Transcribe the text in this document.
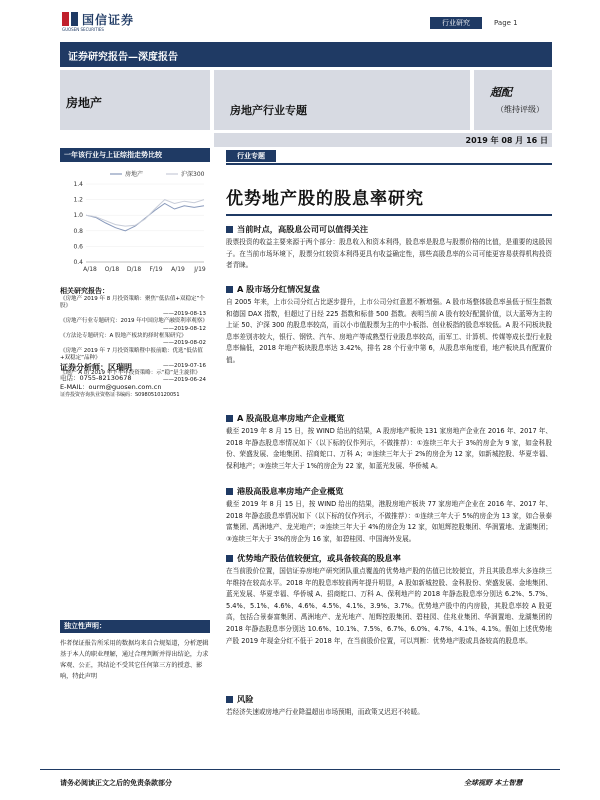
国信证券
GUOSEN SECURITIES
行业研究	Page 1
证券研究报告—深度报告
房地产
房地产行业专题
超配
（维持评级）
2019 年 08 月 16 日
一年该行业与上证综指走势比较
0.4
0.6
0.8
1.0
1.2
1.4
A/18 O/18 D/18 F/19 A/19 J/19
房地产	沪深300
相关研究报告：
《房地产 2019 年 8 月投资策略：聚焦“低估值+双稳定”个股》
——2019-08-13
《房地产行业专题研究：2019 年中国房地产融资利率观察》
——2019-08-12
《方法论专题研究：A 股地产板块的择时框架研究》
——2019-08-02
《房地产 2019 年 7 月投资策略暨中报前瞻：优选“低估值+双稳定”品种》
——2019-07-16
《地产 A 组 2019 年下半年投资策略：示“稳”是主旋律》
——2019-06-24
证券分析师：区瑞明
电话：0755-82130678
E-MAIL：ourm@guosen.com.cn
证券投资咨询执业资格证书编码：S0980510120051
独立性声明：
作者保证报告所采用的数据均来自合规渠道，分析逻辑基于本人的职业理解，通过合理判断并得出结论，力求客观、公正，其结论不受其它任何第三方的授意、影响，特此声明
行业专题
优势地产股的股息率研究
当前时点，高股息公司可以值得关注
股票投资的收益主要来源于两个部分：股息收入和资本利得，股息率是股息与股票价格的比值，是重要的选股因子。在当前市场环境下，股票分红较资本利得更具有收益确定性，那些高股息率的公司可能更容易获得机构投资者青睐。
A 股市场分红情况复盘
自 2005 年来，上市公司分红占比逐步提升，上市公司分红意愿不断增强。A 股市场整体股息率虽低于恒生指数和德国 DAX 指数，但超过了日经 225 指数和标普 500 指数。表明当前 A 股有较好配置价值，以大蓝筹为主的上证 50、沪深 300 的股息率较高，而以小市值股票为主的中小板指、创业板指的股息率较低。A 股不同板块股息率差别亦较大，银行、钢铁、汽车、房地产等成熟型行业股息率较高，而军工、计算机、传媒等成长型行业股息率偏低，2018 年地产板块股息率达 3.42%，排名 28 个行业中第 6，从股息率角度看，地产板块具有配置价值。
A 股高股息率房地产企业概览
截至 2019 年 8 月 15 日，按 WIND 给出的结果，A 股房地产板块 131 家房地产企业在 2016 年、2017 年、2018 年静态股息率情况如下（以下标的仅作列示，不做推荐）：①连续三年大于 3%的房企为 9 家，如金科股份、荣盛发展、金地集团、招商蛇口、万科 A；②连续三年大于 2%的房企为 12 家，如新城控股、华夏幸福、保利地产；③连续三年大于 1%的房企为 22 家，如蓝光发展、华侨城 A。
港股高股息率房地产企业概览
截至 2019 年 8 月 15 日，按 WIND 给出的结果，港股房地产板块 77 家房地产企业在 2016 年、2017 年、2018 年静态股息率情况如下（以下标的仅作列示，不做推荐）：①连续三年大于 5%的房企为 13 家，如合景泰富集团、禹洲地产、龙光地产；②连续三年大于 4%的房企为 12 家，如旭辉控股集团、华润置地、龙湖集团；③连续三年大于 3%的房企为 16 家，如碧桂园、中国海外发展。
优势地产股估值较便宜，或具备较高的股息率
在当前股价位置，国信证券房地产研究团队重点覆盖的优势地产股的估值已比较便宜，并且其股息率大多连续三年维持在较高水平。2018 年的股息率较前两年提升明显，A 股如新城控股、金科股份、荣盛发展、金地集团、蓝光发展、华夏幸福、华侨城 A、招商蛇口、万科 A、保利地产的 2018 年静态股息率分别达 6.2%、5.7%、5.4%、5.1%、4.6%、4.6%、4.5%、4.1%、3.9%、3.7%。优势地产股中的内房股，其股息率较 A 股更高，包括合景泰富集团、禹洲地产、龙光地产、旭辉控股集团、碧桂园、佳兆业集团、华润置地、龙湖集团的 2018 年静态股息率分别达 10.6%、10.1%、7.5%、6.7%、6.0%、4.7%、4.1%、4.1%。假如上述优势地产股 2019 年现金分红不低于 2018 年，在当前股价位置，可以判断：优势地产股或具备较高的股息率。
风险
若经济失速或房地产行业降温超出市场预期，而政策又迟迟不转暖。
请务必阅读正文之后的免责条款部分	全球视野 本土智慧
